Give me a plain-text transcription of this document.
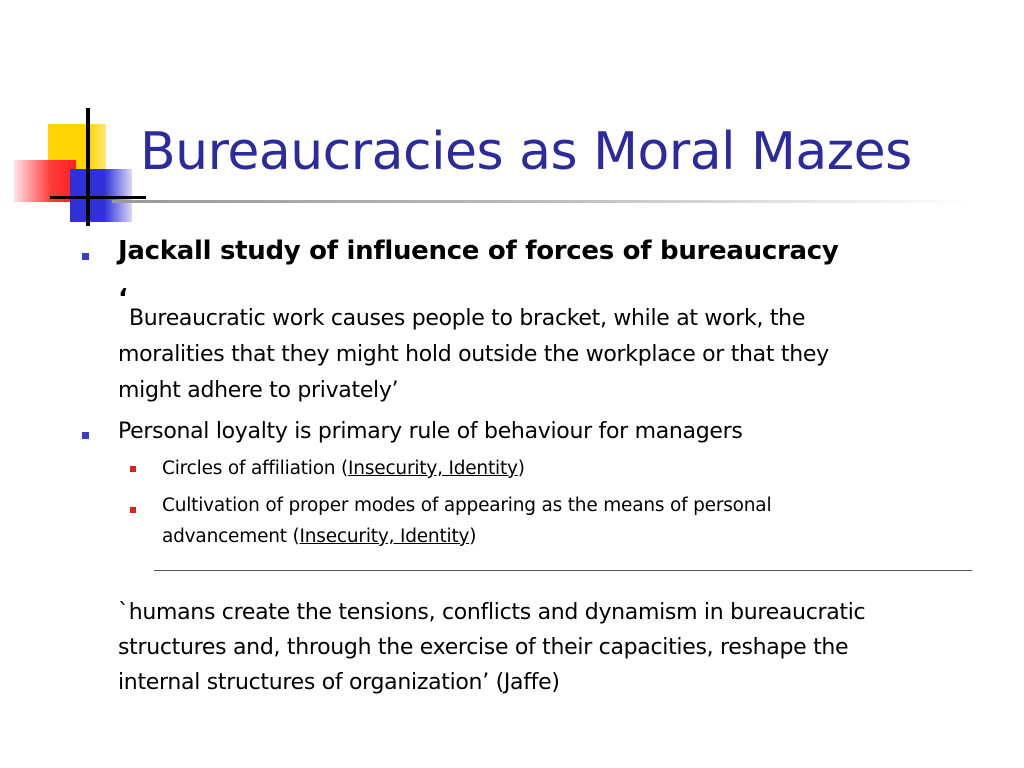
Bureaucracies as Moral Mazes
Jackall study of influence of forces of bureaucracy
‘
Bureaucratic work causes people to bracket, while at work, the
moralities that they might hold outside the workplace or that they
might adhere to privately’
Personal loyalty is primary rule of behaviour for managers
Circles of affiliation (Insecurity, Identity)
Cultivation of proper modes of appearing as the means of personal
advancement (Insecurity, Identity)
`humans create the tensions, conflicts and dynamism in bureaucratic
structures and, through the exercise of their capacities, reshape the
internal structures of organization’ (Jaffe)
